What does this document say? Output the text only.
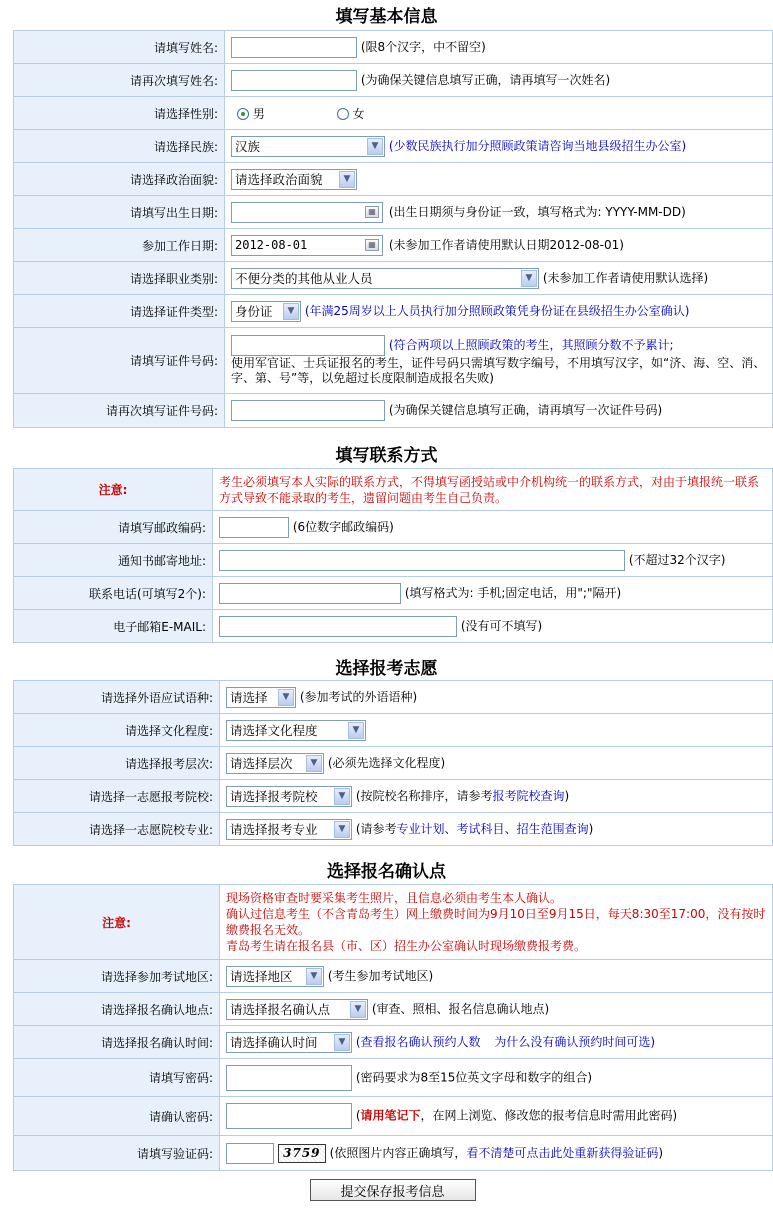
填写基本信息
请填写姓名:	(限8个汉字，中不留空)
请再次填写姓名:	(为确保关键信息填写正确，请再填写一次姓名)
请选择性别:	男 女
请选择民族:	汉族 ▼ (少数民族执行加分照顾政策请咨询当地县级招生办公室)
请选择政治面貌:	请选择政治面貌 ▼

请填写出生日期:	▦ (出生日期须与身份证一致，填写格式为: YYYY-MM-DD)
参加工作日期:	2012-08-01▦ (未参加工作者请使用默认日期2012-08-01)
请选择职业类别:	不便分类的其他从业人员 ▼ (未参加工作者请使用默认选择)
请选择证件类型:	身份证 ▼ (年满25周岁以上人员执行加分照顾政策凭身份证在县级招生办公室确认)
请填写证件号码:	(符合两项以上照顾政策的考生，其照顾分数不予累计;
使用军官证、士兵证报名的考生，证件号码只需填写数字编号，不用填写汉字，如“济、海、空、消、字、第、号”等，以免超过长度限制造成报名失败)
请再次填写证件号码:	(为确保关键信息填写正确，请再填写一次证件号码)
填写联系方式
注意:	考生必须填写本人实际的联系方式，不得填写函授站或中介机构统一的联系方式，对由于填报统一联系方式导致不能录取的考生，遗留问题由考生自己负责。
请填写邮政编码:	(6位数字邮政编码)
通知书邮寄地址:	(不超过32个汉字)
联系电话(可填写2个):	(填写格式为: 手机;固定电话，用";"隔开)
电子邮箱E-MAIL:	(没有可不填写)
选择报考志愿
请选择外语应试语种:	请选择 ▼ (参加考试的外语语种)
请选择文化程度:	请选择文化程度 ▼

请选择报考层次:	请选择层次 ▼ (必须先选择文化程度)
请选择一志愿报考院校:	请选择报考院校 ▼ (按院校名称排序，请参考报考院校查询)
请选择一志愿院校专业:	请选择报考专业 ▼ (请参考专业计划、考试科目、招生范围查询)
选择报名确认点
注意:	现场资格审查时要采集考生照片，且信息必须由考生本人确认。
确认过信息考生（不含青岛考生）网上缴费时间为9月10日至9月15日，每天8:30至17:00，没有按时缴费报名无效。
青岛考生请在报名县（市、区）招生办公室确认时现场缴费报考费。

请选择参加考试地区:	请选择地区 ▼ (考生参加考试地区)
请选择报名确认地点:	请选择报名确认点 ▼ (审查、照相、报名信息确认地点)
请选择报名确认时间:	请选择确认时间 ▼ (查看报名确认预约人数 为什么没有确认预约时间可选)
请填写密码:	(密码要求为8至15位英文字母和数字的组合)
请确认密码:	(请用笔记下，在网上浏览、修改您的报考信息时需用此密码)
请填写验证码:	3759 (依照图片内容正确填写，看不清楚可点击此处重新获得验证码)
提交保存报考信息
